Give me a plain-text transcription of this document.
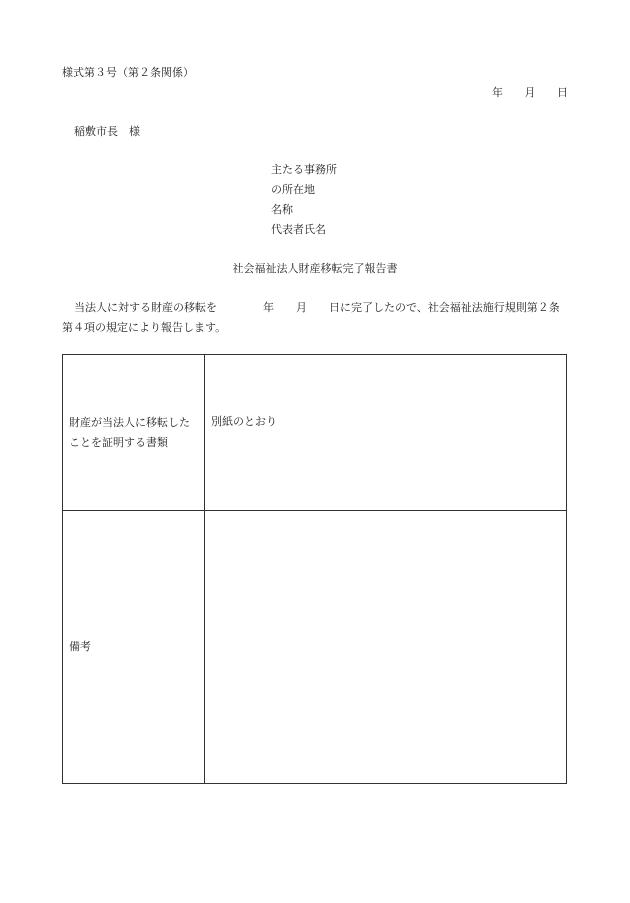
様式第３号（第２条関係）
年 月 日
稲敷市長　様
主たる事務所
の所在地
名称
代表者氏名
社会福祉法人財産移転完了報告書
当法人に対する財産の移転を	年 月 日に完了したので、社会福祉法施行規則第２条第４項の規定により報告します。
財産が当法人に移転したことを証明する書類	別紙のとおり
備考	
